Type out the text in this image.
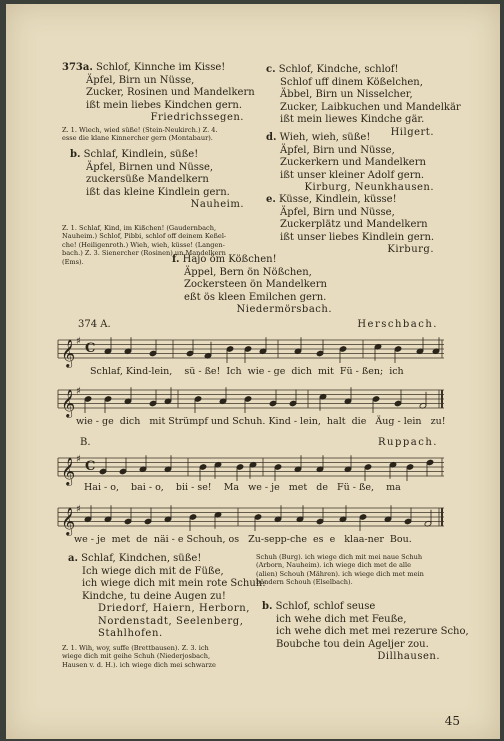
373a. Schlof, Kinnche im Kisse!
Äpfel, Birn un Nüsse,
Zucker, Rosinen und Mandelkern
ißt mein liebes Kindchen gern.
Friedrichssegen.
Z. 1. Wiech, wied süße! (Stein-Neukirch.) Z. 4.
esse die klane Kinnercher gern (Montabaur).
b. Schlaf, Kindlein, süße!
Äpfel, Birnen und Nüsse,
zuckersüße Mandelkern
ißt das kleine Kindlein gern.
Nauheim.
Z. 1. Schlaf, Kind, im Kißchen! (Gaudernbach,
Nauheim.) Schlof, Pibbi, schlof off deinem Keßel-
che! (Heiligenroth.) Wieh, wieh, küsse! (Langen-
bach.) Z. 3. Sienercher (Rosinen) un Mandelkern
(Ems).
c. Schlof, Kindche, schlof!
Schlof uff dinem Kößelchen,
Äbbel, Birn un Nisselcher,
Zucker, Laibkuchen und Mandelkär
ißt mein liewes Kindche gär.
Hilgert.
d. Wieh, wieh, süße!
Äpfel, Birn und Nüsse,
Zuckerkern und Mandelkern
ißt unser kleiner Adolf gern.
Kirburg, Neunkhausen.
e. Küsse, Kindlein, küsse!
Äpfel, Birn und Nüsse,
Zuckerplätz und Mandelkern
ißt unser liebes Kindlein gern.
Kirburg.
f. Hajo öm Kößchen!
Äppel, Bern ön Nößchen,
Zockersteen ön Mandelkern
eßt ös kleen Emilchen gern.
Niedermörsbach.
374 A.	Herschbach.
𝄞 ♯ C
Schlaf, Kind-lein,    sü - ße!  Ich  wie - ge  dich  mit  Fü - ßen;  ich
𝄞 ♯
wie - ge  dich   mit Strümpf und Schuh. Kind - lein,  halt  die   Äug - lein   zu!
B.	Ruppach.
𝄞 ♯ C
Hai - o,    bai - o,    bii - se!    Ma   we - je   met   de   Fü - ße,    ma
𝄞 ♯
we - je  met  de  näi - e Schouh, os   Zu-sepp-che  es  e   klaa-ner  Bou.
a. Schlaf, Kindchen, süße!
Ich wiege dich mit de Füße,
ich wiege dich mit mein rote Schuh:
Kindche, tu deine Augen zu!
Driedorf, Haiern, Herborn,
Nordenstadt, Seelenberg,
Stahlhofen.
Z. 1. Wih, woy, suffe (Brettbausen). Z. 3. ich
wiege dich mit geihe Schuh (Niederjosbach,
Hausen v. d. H.). ich wiege dich mei schwarze
Schuh (Burg). ich wiege dich mit mei naue Schuh
(Arborn, Nauheim). ich wiege dich met de alle
(alien) Schouh (Mähren). ich wiege dich met mein
bändern Schouh (Elselbach).
b. Schlof, schlof seuse
ich wehe dich met Feuße,
ich wehe dich met mei rezerure Scho,
Boubche tou dein Ageljer zou.
Dillhausen.
45
